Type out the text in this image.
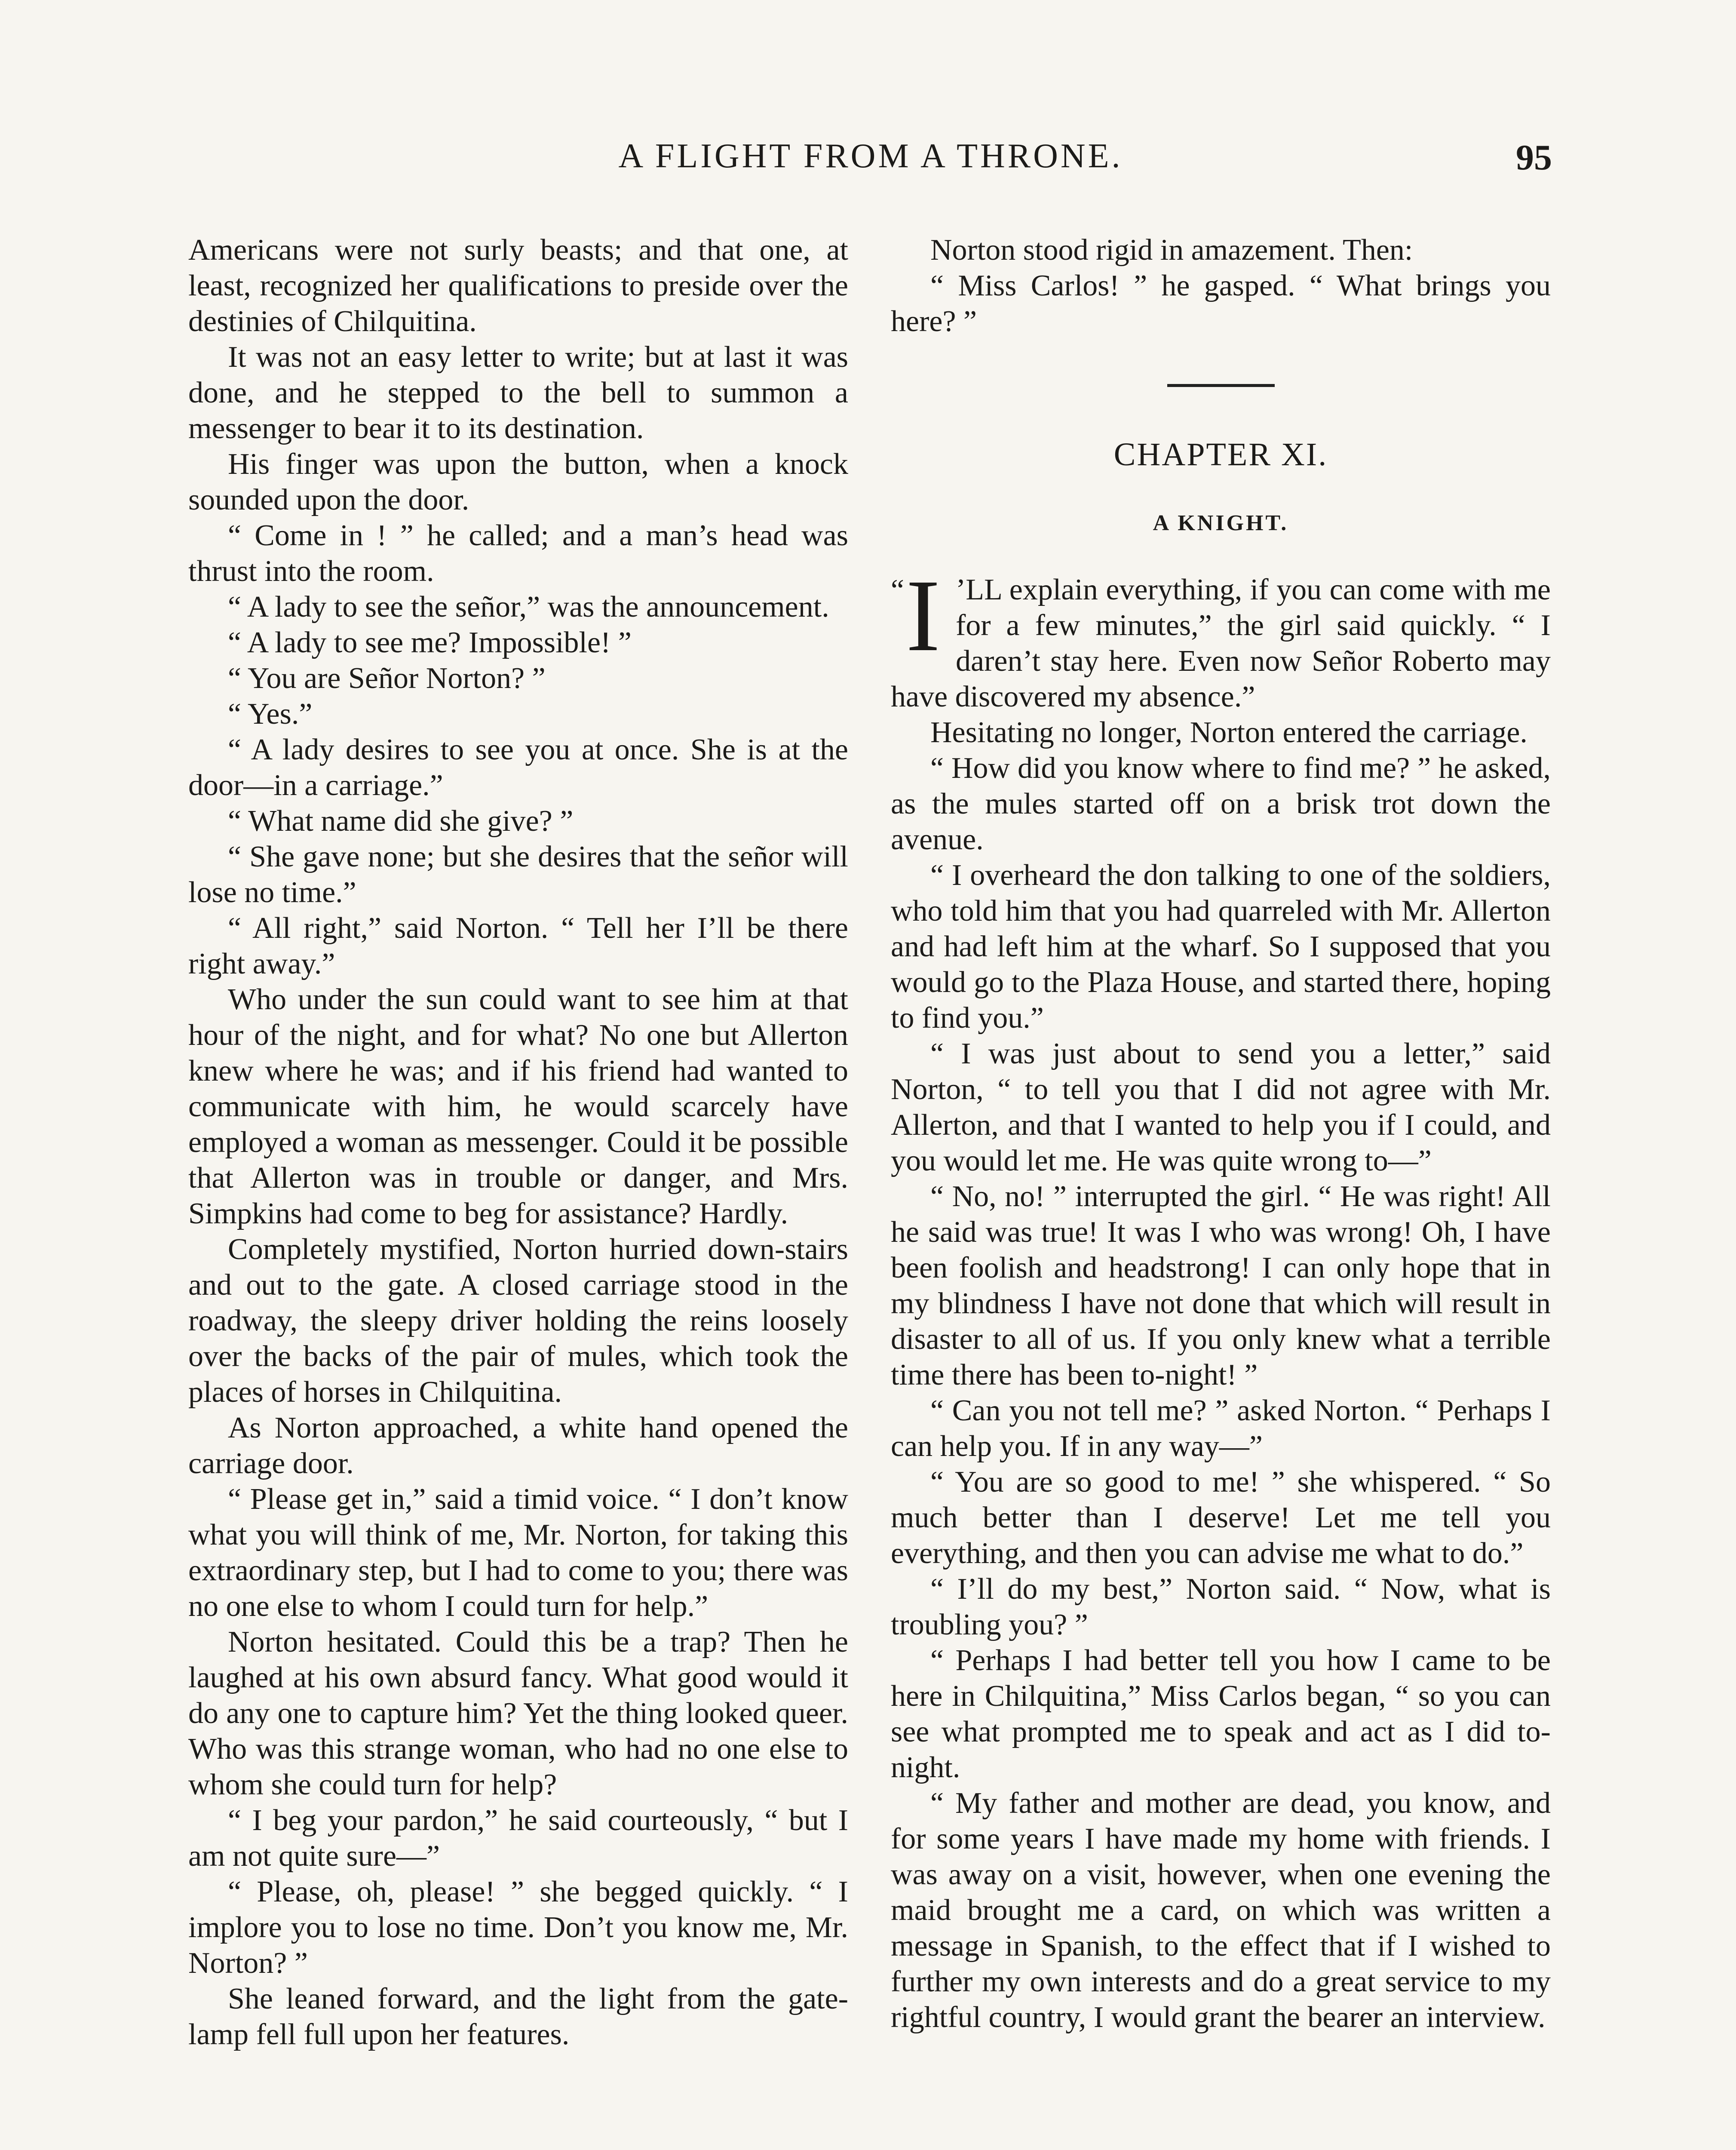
A FLIGHT FROM A THRONE.	95

Americans were not surly beasts; and that one, at least, recognized her qualifications to preside over the destinies of Chilquitina.

It was not an easy letter to write; but at last it was done, and he stepped to the bell to summon a messenger to bear it to its destination.

His finger was upon the button, when a knock sounded upon the door.

“ Come in ! ” he called; and a man’s head was thrust into the room.

“ A lady to see the señor,” was the announcement.

“ A lady to see me? Impossible! ”

“ You are Señor Norton? ”

“ Yes.”

“ A lady desires to see you at once. She is at the door—in a carriage.”

“ What name did she give? ”

“ She gave none; but she desires that the señor will lose no time.”

“ All right,” said Norton. “ Tell her I’ll be there right away.”

Who under the sun could want to see him at that hour of the night, and for what? No one but Allerton knew where he was; and if his friend had wanted to communicate with him, he would scarcely have employed a woman as messenger. Could it be possible that Allerton was in trouble or danger, and Mrs. Simpkins had come to beg for assistance? Hardly.

Completely mystified, Norton hurried down-stairs and out to the gate. A closed carriage stood in the roadway, the sleepy driver holding the reins loosely over the backs of the pair of mules, which took the places of horses in Chilquitina.

As Norton approached, a white hand opened the carriage door.

“ Please get in,” said a timid voice. “ I don’t know what you will think of me, Mr. Norton, for taking this extraordinary step, but I had to come to you; there was no one else to whom I could turn for help.”

Norton hesitated. Could this be a trap? Then he laughed at his own absurd fancy. What good would it do any one to capture him? Yet the thing looked queer. Who was this strange woman, who had no one else to whom she could turn for help?

“ I beg your pardon,” he said courteously, “ but I am not quite sure—”

“ Please, oh, please! ” she begged quickly. “ I implore you to lose no time. Don’t you know me, Mr. Norton? ”

She leaned forward, and the light from the gate-lamp fell full upon her features.

Norton stood rigid in amazement. Then:

“ Miss Carlos! ” he gasped. “ What brings you here? ”

CHAPTER XI.
A KNIGHT.

“ I ’LL explain everything, if you can come with me for a few minutes,” the girl said quickly. “ I daren’t stay here. Even now Señor Roberto may have discovered my absence.”

Hesitating no longer, Norton entered the carriage.

“ How did you know where to find me? ” he asked, as the mules started off on a brisk trot down the avenue.

“ I overheard the don talking to one of the soldiers, who told him that you had quarreled with Mr. Allerton and had left him at the wharf. So I supposed that you would go to the Plaza House, and started there, hoping to find you.”

“ I was just about to send you a letter,” said Norton, “ to tell you that I did not agree with Mr. Allerton, and that I wanted to help you if I could, and you would let me. He was quite wrong to—”

“ No, no! ” interrupted the girl. “ He was right! All he said was true! It was I who was wrong! Oh, I have been foolish and headstrong! I can only hope that in my blindness I have not done that which will result in disaster to all of us. If you only knew what a terrible time there has been to-night! ”

“ Can you not tell me? ” asked Norton. “ Perhaps I can help you. If in any way—”

“ You are so good to me! ” she whispered. “ So much better than I deserve! Let me tell you everything, and then you can advise me what to do.”

“ I’ll do my best,” Norton said. “ Now, what is troubling you? ”

“ Perhaps I had better tell you how I came to be here in Chilquitina,” Miss Carlos began, “ so you can see what prompted me to speak and act as I did to-night.

“ My father and mother are dead, you know, and for some years I have made my home with friends. I was away on a visit, however, when one evening the maid brought me a card, on which was written a message in Spanish, to the effect that if I wished to further my own interests and do a great service to my rightful country, I would grant the bearer an interview.
